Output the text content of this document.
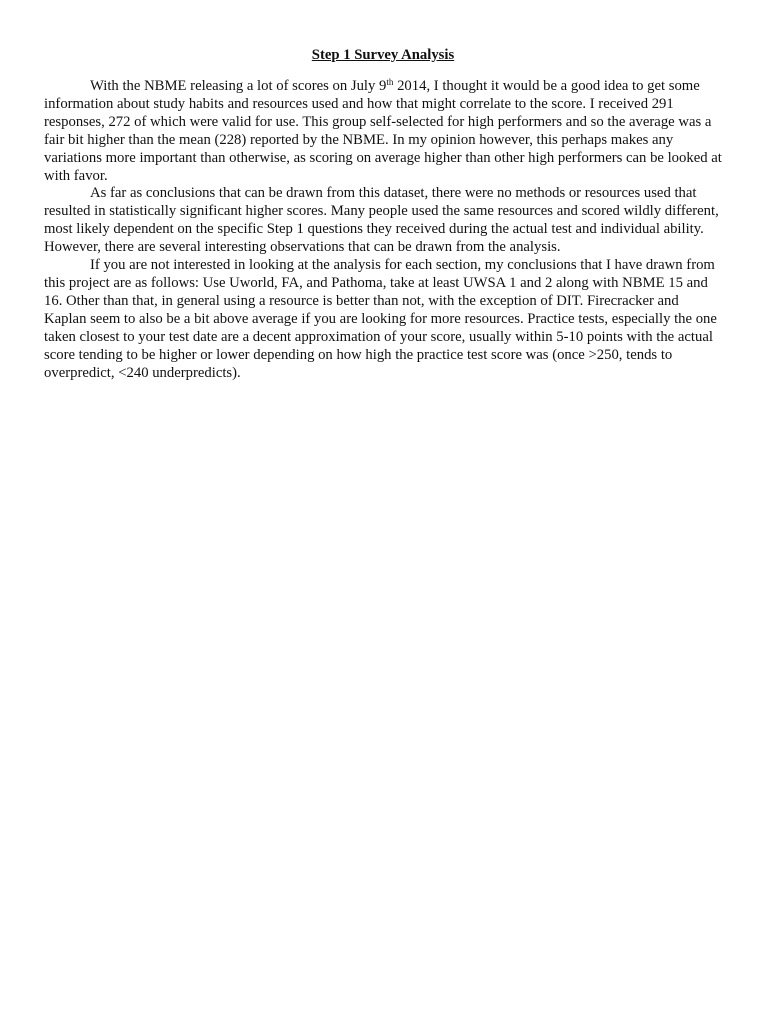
Step 1 Survey Analysis

With the NBME releasing a lot of scores on July 9th 2014, I thought it would be a good idea to get some information about study habits and resources used and how that might correlate to the score. I received 291 responses, 272 of which were valid for use. This group self-selected for high performers and so the average was a fair bit higher than the mean (228) reported by the NBME. In my opinion however, this perhaps makes any variations more important than otherwise, as scoring on average higher than other high performers can be looked at with favor.

As far as conclusions that can be drawn from this dataset, there were no methods or resources used that resulted in statistically significant higher scores. Many people used the same resources and scored wildly different, most likely dependent on the specific Step 1 questions they received during the actual test and individual ability. However, there are several interesting observations that can be drawn from the analysis.

If you are not interested in looking at the analysis for each section, my conclusions that I have drawn from this project are as follows: Use Uworld, FA, and Pathoma, take at least UWSA 1 and 2 along with NBME 15 and 16. Other than that, in general using a resource is better than not, with the exception of DIT. Firecracker and Kaplan seem to also be a bit above average if you are looking for more resources. Practice tests, especially the one taken closest to your test date are a decent approximation of your score, usually within 5-10 points with the actual score tending to be higher or lower depending on how high the practice test score was (once >250, tends to overpredict, <240 underpredicts).
